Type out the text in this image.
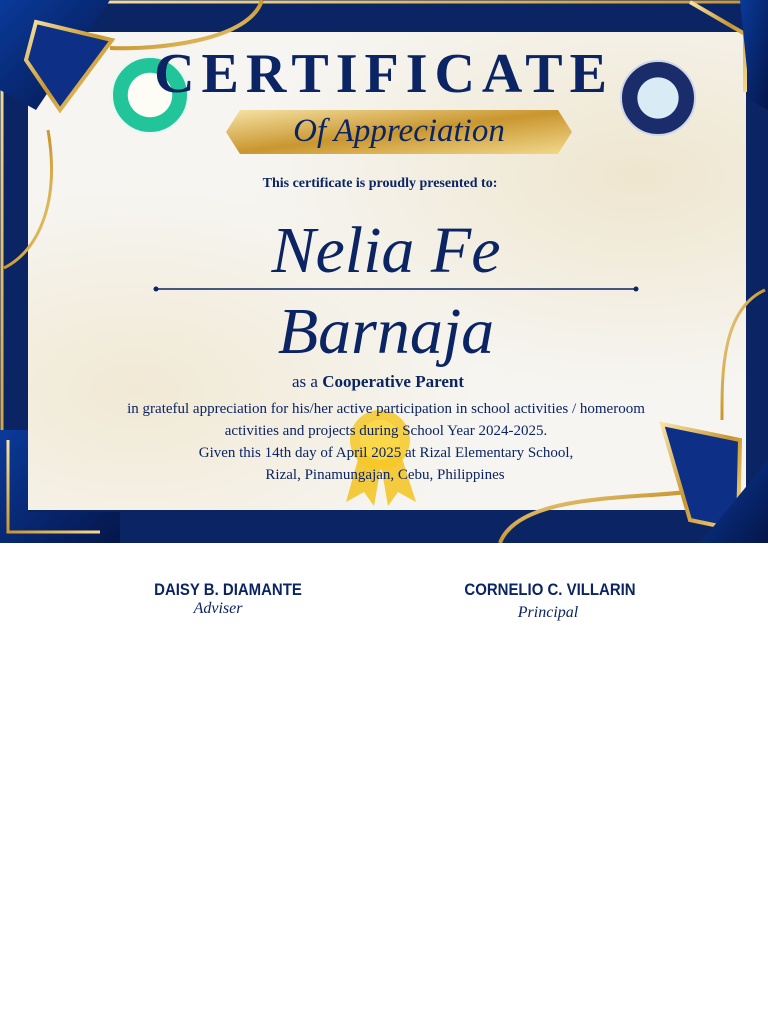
CERTIFICATE
Of Appreciation
This certificate is proudly presented to:
Nelia Fe
Barnaja
as a Cooperative Parent
in grateful appreciation for his/her active participation in school activities / homeroom
activities and projects during School Year 2024-2025.
Given this 14th day of April 2025 at Rizal Elementary School,
Rizal, Pinamungajan, Cebu, Philippines
DAISY B. DIAMANTE
Adviser
CORNELIO C. VILLARIN
Principal
